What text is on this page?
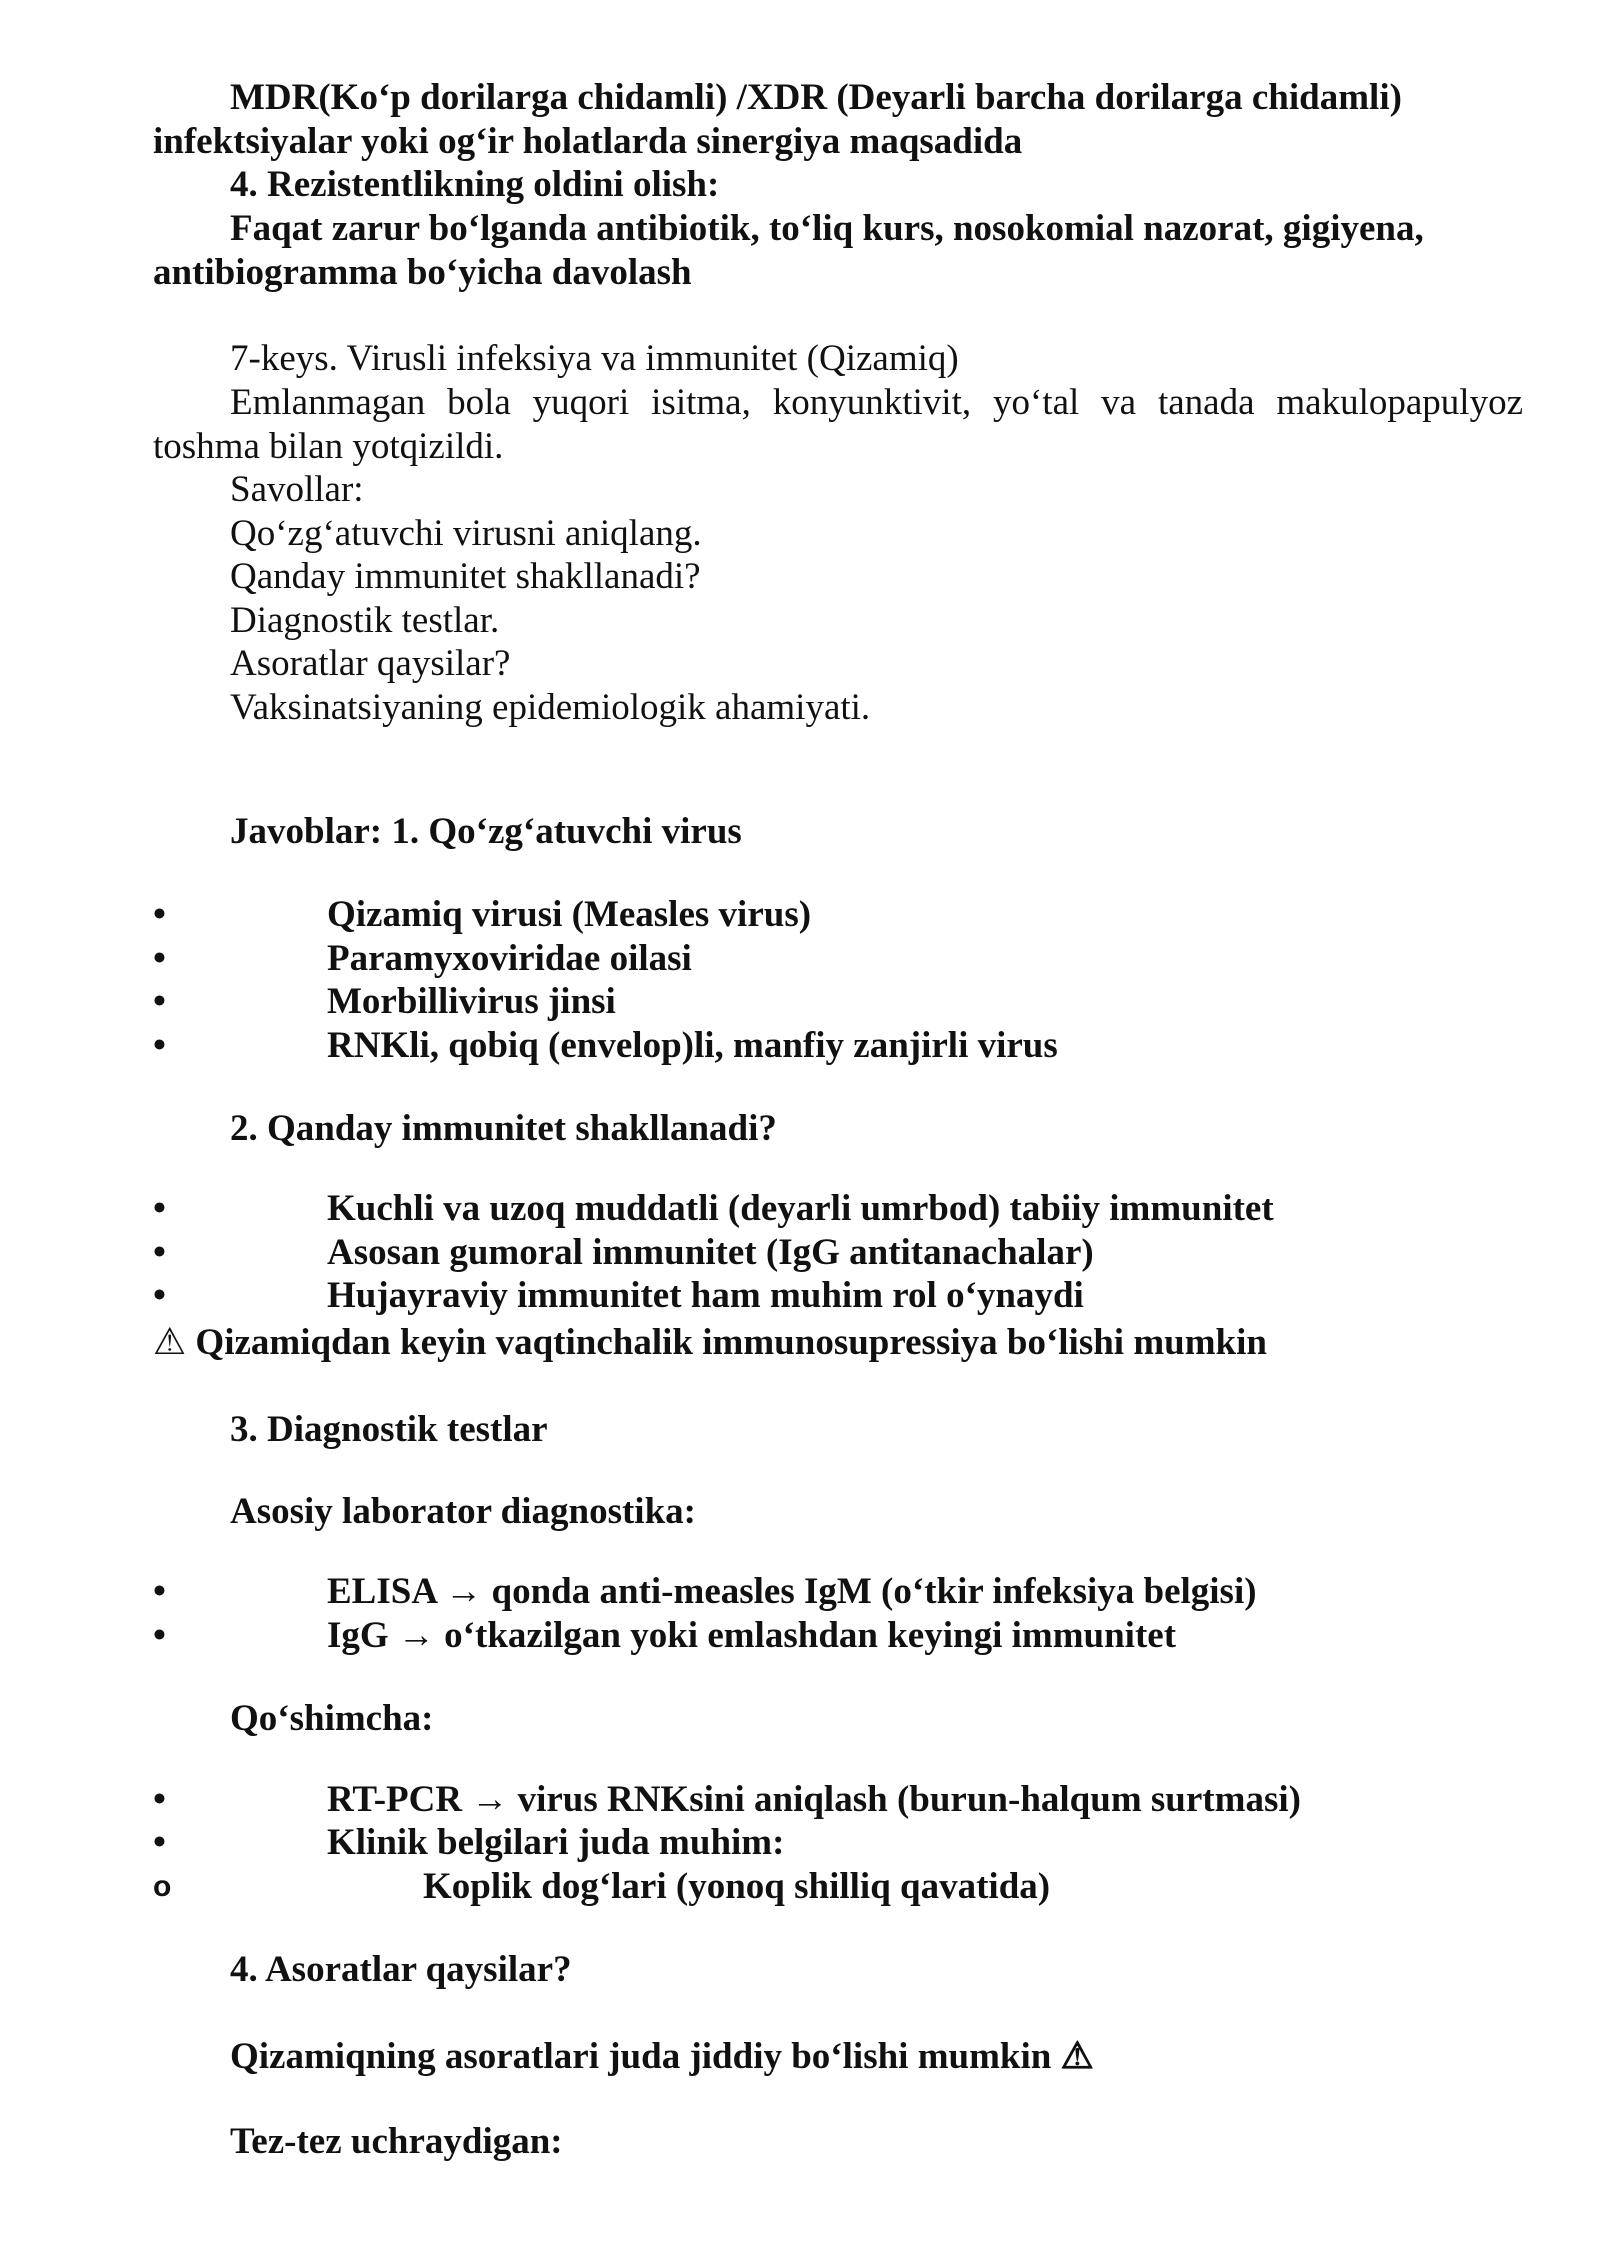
MDR(Ko‘p dorilarga chidamli) /XDR (Deyarli barcha dorilarga chidamli) infektsiyalar yoki og‘ir holatlarda sinergiya maqsadida
4. Rezistentlikning oldini olish:
Faqat zarur bo‘lganda antibiotik, to‘liq kurs, nosokomial nazorat, gigiyena, antibiogramma bo‘yicha davolash
7-keys. Virusli infeksiya va immunitet (Qizamiq)
Emlanmagan bola yuqori isitma, konyunktivit, yo‘tal va tanada makulopapulyoz toshma bilan yotqizildi.
Savollar:
Qo‘zg‘atuvchi virusni aniqlang.
Qanday immunitet shakllanadi?
Diagnostik testlar.
Asoratlar qaysilar?
Vaksinatsiyaning epidemiologik ahamiyati.
Javoblar: 1. Qo‘zg‘atuvchi virus
•	Qizamiq virusi (Measles virus)
•	Paramyxoviridae oilasi
•	Morbillivirus jinsi
•	RNKli, qobiq (envelop)li, manfiy zanjirli virus
2. Qanday immunitet shakllanadi?
•	Kuchli va uzoq muddatli (deyarli umrbod) tabiiy immunitet
•	Asosan gumoral immunitet (IgG antitanachalar)
•	Hujayraviy immunitet ham muhim rol o‘ynaydi
⚠ Qizamiqdan keyin vaqtinchalik immunosupressiya bo‘lishi mumkin
3. Diagnostik testlar
Asosiy laborator diagnostika:
•	ELISA → qonda anti-measles IgM (o‘tkir infeksiya belgisi)
•	IgG → o‘tkazilgan yoki emlashdan keyingi immunitet
Qo‘shimcha:
•	RT-PCR → virus RNKsini aniqlash (burun-halqum surtmasi)
•	Klinik belgilari juda muhim:
o	Koplik dog‘lari (yonoq shilliq qavatida)
4. Asoratlar qaysilar?
Qizamiqning asoratlari juda jiddiy bo‘lishi mumkin ⚠
Tez-tez uchraydigan:
